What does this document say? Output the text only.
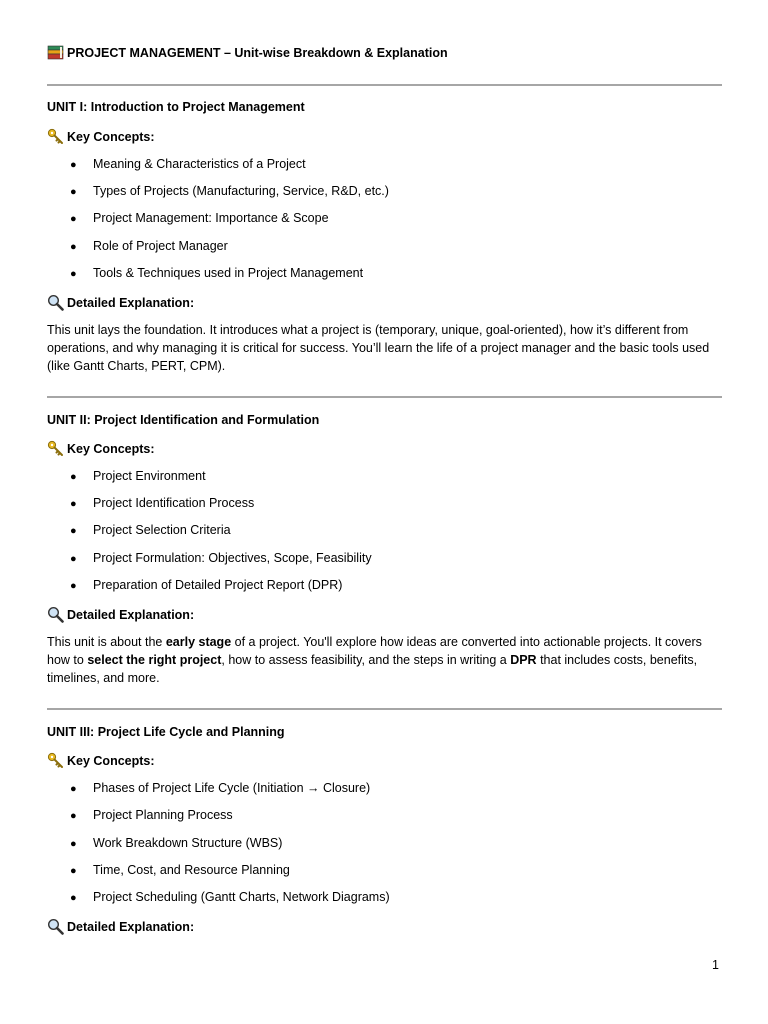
PROJECT MANAGEMENT – Unit-wise Breakdown & Explanation
UNIT I: Introduction to Project Management
Key Concepts:
●	Meaning & Characteristics of a Project
●	Types of Projects (Manufacturing, Service, R&D, etc.)
●	Project Management: Importance & Scope
●	Role of Project Manager
●	Tools & Techniques used in Project Management
Detailed Explanation:
This unit lays the foundation. It introduces what a project is (temporary, unique, goal-oriented), how it’s different from operations, and why managing it is critical for success. You’ll learn the life of a project manager and the basic tools used (like Gantt Charts, PERT, CPM).
UNIT II: Project Identification and Formulation
Key Concepts:
●	Project Environment
●	Project Identification Process
●	Project Selection Criteria
●	Project Formulation: Objectives, Scope, Feasibility
●	Preparation of Detailed Project Report (DPR)
Detailed Explanation:
This unit is about the early stage of a project. You'll explore how ideas are converted into actionable projects. It covers how to select the right project, how to assess feasibility, and the steps in writing a DPR that includes costs, benefits, timelines, and more.
UNIT III: Project Life Cycle and Planning
Key Concepts:
●	Phases of Project Life Cycle (Initiation → Closure)
●	Project Planning Process
●	Work Breakdown Structure (WBS)
●	Time, Cost, and Resource Planning
●	Project Scheduling (Gantt Charts, Network Diagrams)
Detailed Explanation:
1
